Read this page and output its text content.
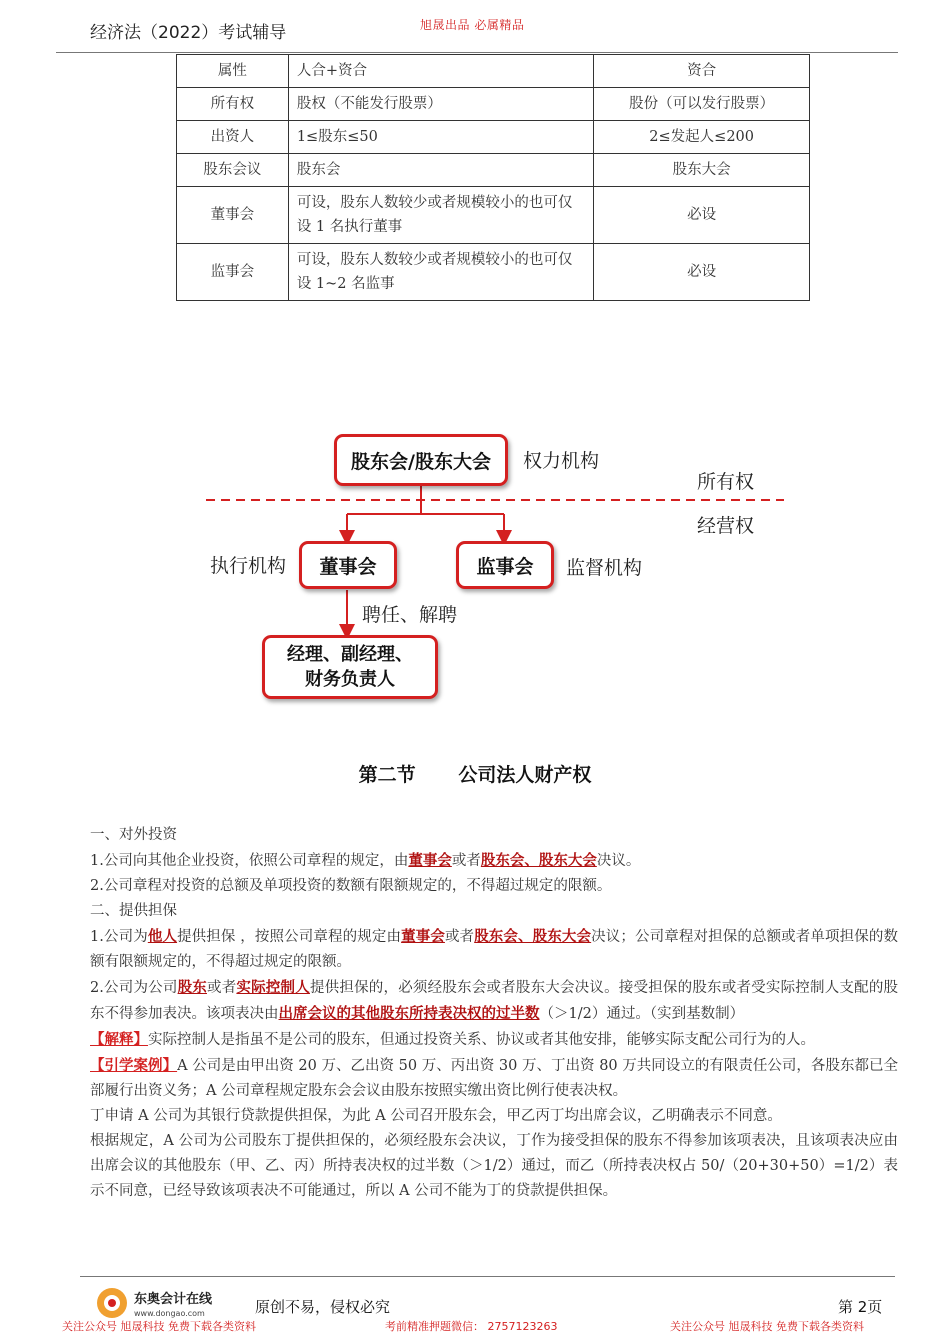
经济法（2022）考试辅导	旭晟出品 必属精品
属性	人合+资合	资合
所有权	股权（不能发行股票）	股份（可以发行股票）
出资人	1≤股东≤50	2≤发起人≤200
股东会议	股东会	股东大会
董事会	可设，股东人数较少或者规模较小的也可仅设 1 名执行董事	必设
监事会	可设，股东人数较少或者规模较小的也可仅设 1~2 名监事	必设
股东会/股东大会	权力机构
所有权
经营权
董事会
执行机构	监事会	监督机构
聘任、解聘
经理、副经理、
财务负责人
第二节 公司法人财产权

一、对外投资

1.公司向其他企业投资，依照公司章程的规定，由董事会或者股东会、股东大会决议。

2.公司章程对投资的总额及单项投资的数额有限额规定的，不得超过规定的限额。

二、提供担保

1.公司为他人提供担保 ，按照公司章程的规定由董事会或者股东会、股东大会决议；公司章程对担保的总额或者单项担保的数额有限额规定的，不得超过规定的限额。

2.公司为公司股东或者实际控制人提供担保的，必须经股东会或者股东大会决议。接受担保的股东或者受实际控制人支配的股东不得参加表决。该项表决由出席会议的其他股东所持表决权的过半数（＞1/2）通过。（实到基数制）

【解释】实际控制人是指虽不是公司的股东，但通过投资关系、协议或者其他安排，能够实际支配公司行为的人。

【引学案例】A 公司是由甲出资 20 万、乙出资 50 万、丙出资 30 万、丁出资 80 万共同设立的有限责任公司，各股东都已全部履行出资义务；A 公司章程规定股东会会议由股东按照实缴出资比例行使表决权。

丁申请 A 公司为其银行贷款提供担保，为此 A 公司召开股东会，甲乙丙丁均出席会议，乙明确表示不同意。

根据规定，A 公司为公司股东丁提供担保的，必须经股东会决议，丁作为接受担保的股东不得参加该项表决，且该项表决应由出席会议的其他股东（甲、乙、丙）所持表决权的过半数（＞1/2）通过，而乙（所持表决权占 50/（20+30+50）=1/2）表示不同意，已经导致该项表决不可能通过，所以 A 公司不能为丁的贷款提供担保。

东奥会计在线
www.dongao.com	原创不易，侵权必究	第 2页
关注公众号 旭晟科技 免费下载各类资料	考前精准押题微信： 2757123263	关注公众号 旭晟科技 免费下载各类资料
